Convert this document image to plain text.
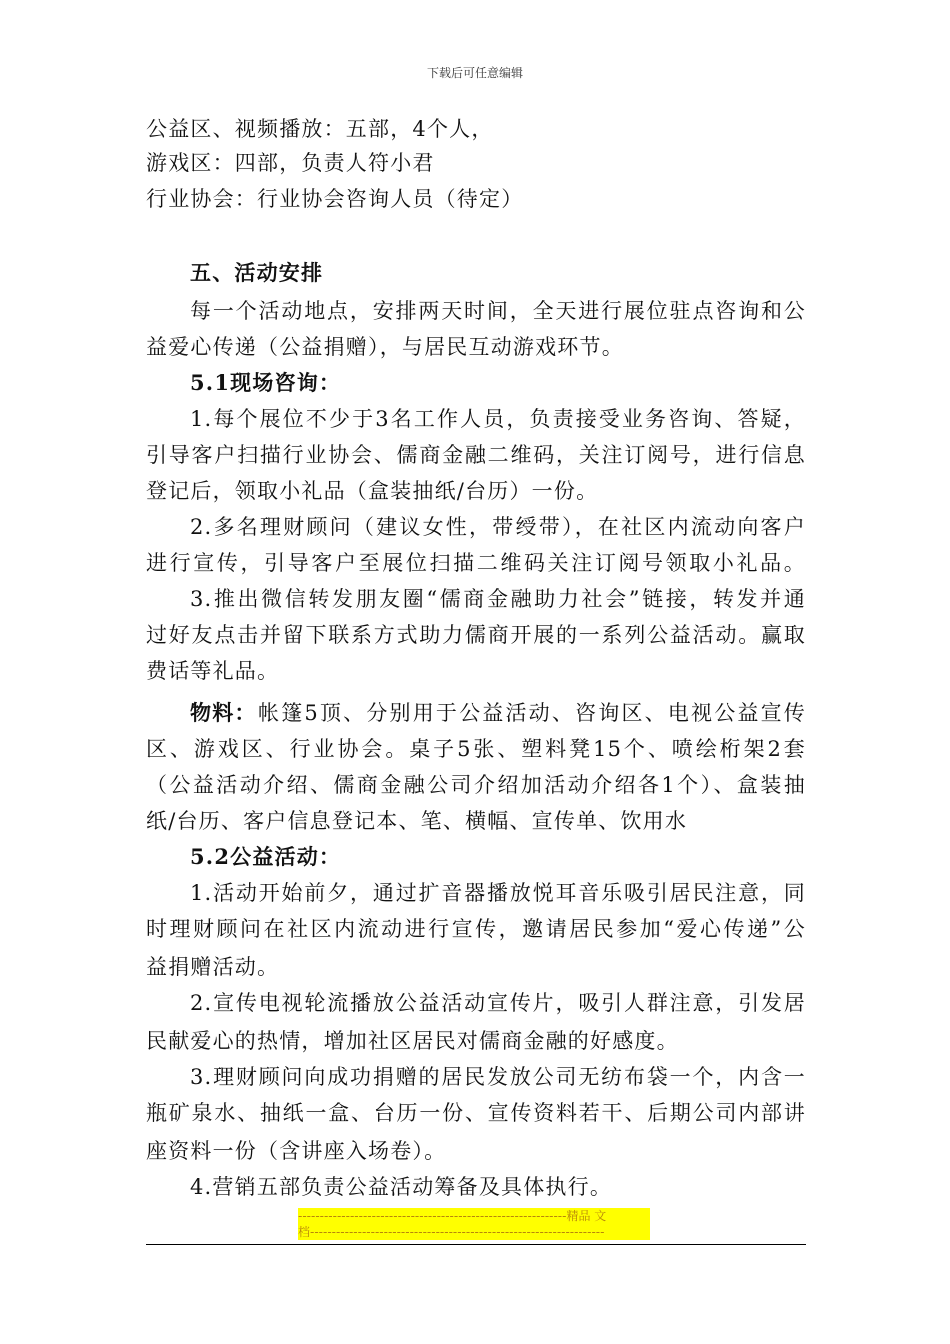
下载后可任意编辑
公益区、视频播放：五部，4个人，
游戏区：四部，负责人符小君
行业协会：行业协会咨询人员（待定）
五、活动安排
每一个活动地点，安排两天时间，全天进行展位驻点咨询和公
益爱心传递（公益捐赠），与居民互动游戏环节。
5.1现场咨询：
1.每个展位不少于3名工作人员，负责接受业务咨询、答疑，
引导客户扫描行业协会、儒商金融二维码，关注订阅号，进行信息
登记后，领取小礼品（盒装抽纸/台历）一份。
2.多名理财顾问（建议女性，带绶带），在社区内流动向客户
进行宣传，引导客户至展位扫描二维码关注订阅号领取小礼品。
3.推出微信转发朋友圈“儒商金融助力社会”链接，转发并通
过好友点击并留下联系方式助力儒商开展的一系列公益活动。赢取
费话等礼品。
物料： 帐篷5顶、分别用于公益活动、咨询区、电视公益宣传
区、游戏区、行业协会。桌子5张、塑料凳15个、喷绘桁架2套
（公益活动介绍、儒商金融公司介绍加活动介绍各1个）、盒装抽
纸/台历、客户信息登记本、笔、横幅、宣传单、饮用水
5.2公益活动：
1.活动开始前夕，通过扩音器播放悦耳音乐吸引居民注意，同
时理财顾问在社区内流动进行宣传，邀请居民参加“爱心传递”公
益捐赠活动。
2.宣传电视轮流播放公益活动宣传片，吸引人群注意，引发居
民献爱心的热情，增加社区居民对儒商金融的好感度。
3.理财顾问向成功捐赠的居民发放公司无纺布袋一个，内含一
瓶矿泉水、抽纸一盒、台历一份、宣传资料若干、后期公司内部讲
座资料一份（含讲座入场卷）。
4.营销五部负责公益活动筹备及具体执行。
--------------------------------------------------------------精品 文
档--------------------------------------------------------------------
